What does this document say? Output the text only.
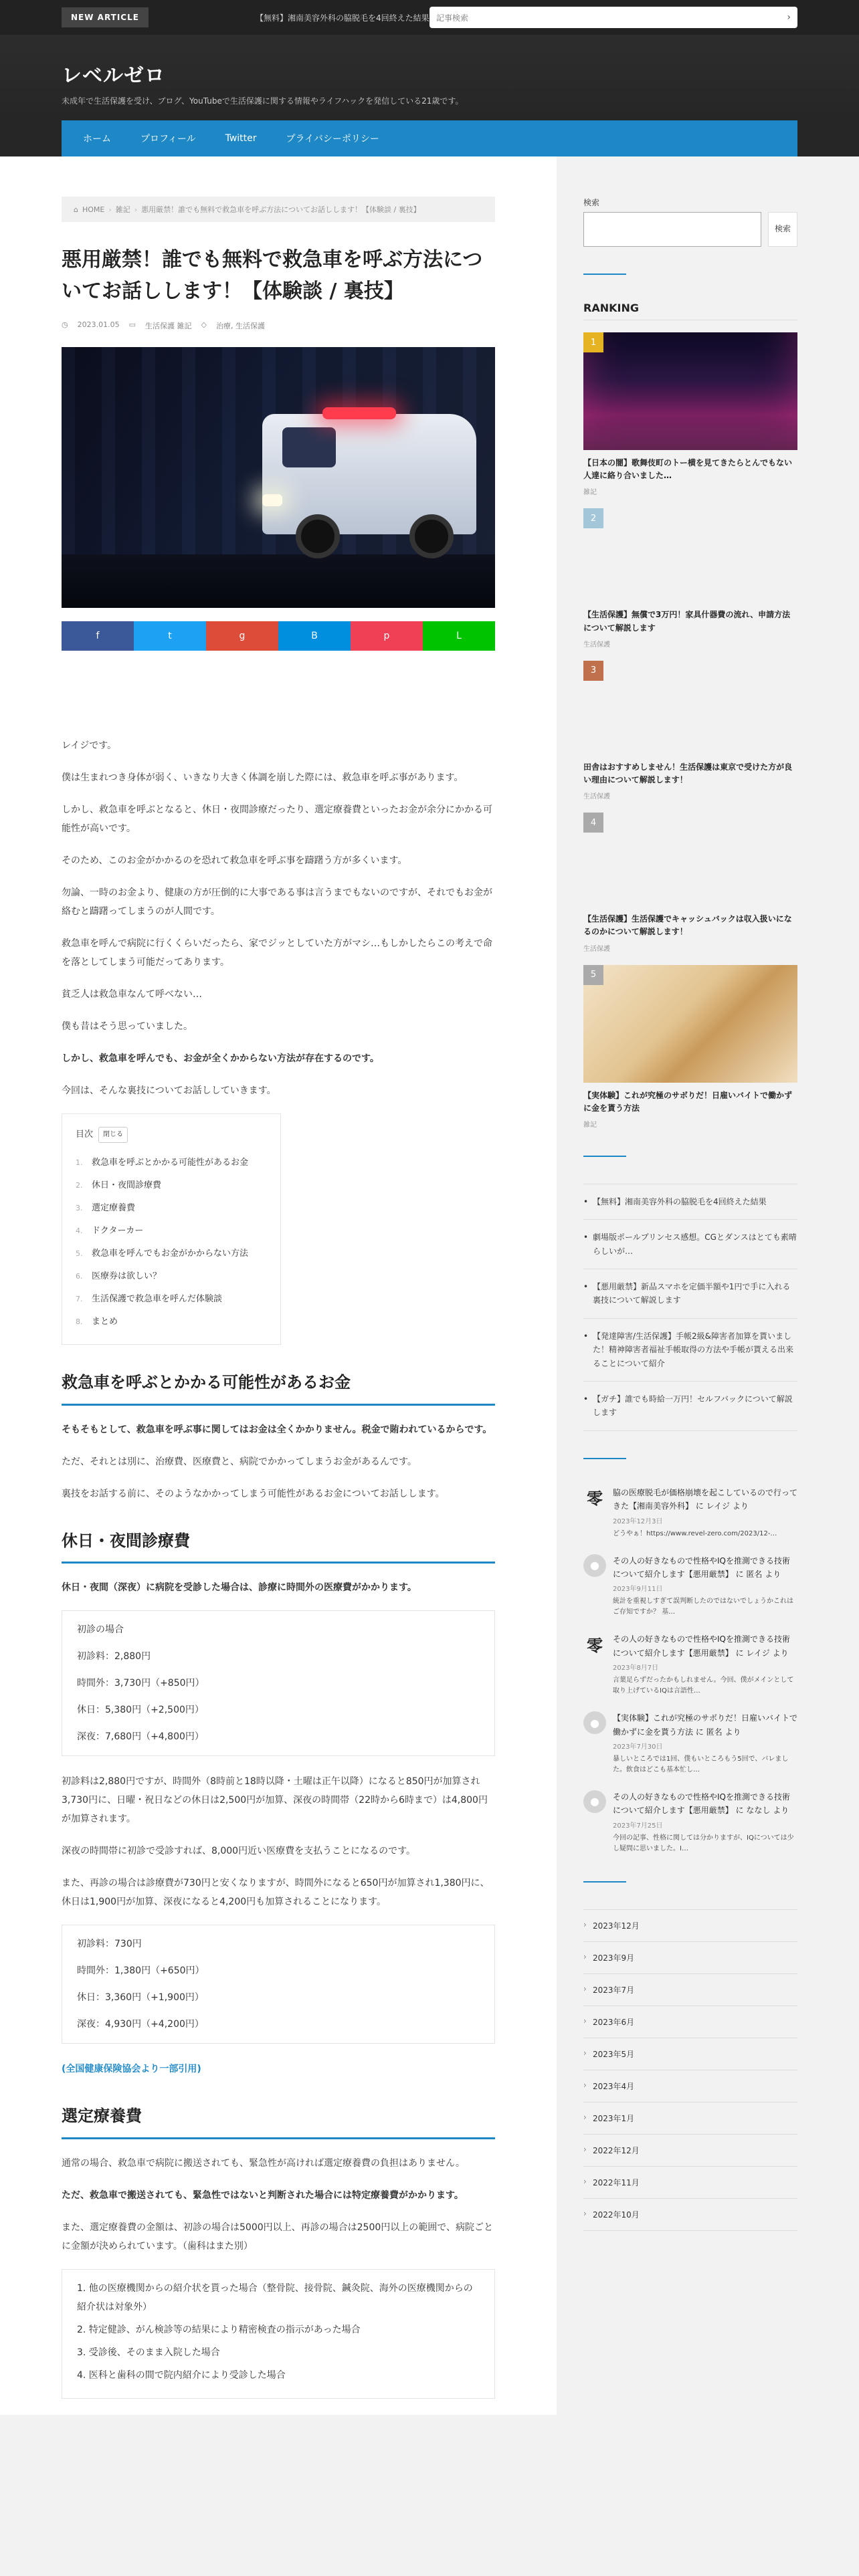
NEW ARTICLE	【無料】湘南美容外科の脇脱毛を4回終えた結果 記事検索	›
レベルゼロ
未成年で生活保護を受け、ブログ、YouTubeで生活保護に関する情報やライフハックを発信している21歳です。
ホーム	プロフィール	Twitter	プライバシーポリシー
⌂ HOME › 雑記 › 悪用厳禁！誰でも無料で救急車を呼ぶ方法についてお話しします！【体験談 / 裏技】
悪用厳禁！誰でも無料で救急車を呼ぶ方法についてお話しします！【体験談 / 裏技】
◷ 2023.01.05 ▭ 生活保護 雑記 ◇ 治療, 生活保護
f	t	g	B	p	L

レイジです。

僕は生まれつき身体が弱く、いきなり大きく体調を崩した際には、救急車を呼ぶ事があります。

しかし、救急車を呼ぶとなると、休日・夜間診療だったり、選定療養費といったお金が余分にかかる可能性が高いです。

そのため、このお金がかかるのを恐れて救急車を呼ぶ事を躊躇う方が多くいます。

勿論、一時のお金より、健康の方が圧倒的に大事である事は言うまでもないのですが、それでもお金が絡むと躊躇ってしまうのが人間です。

救急車を呼んで病院に行くくらいだったら、家でジッとしていた方がマシ…もしかしたらこの考えで命を落としてしまう可能だってあります。

貧乏人は救急車なんて呼べない…

僕も昔はそう思っていました。

しかし、救急車を呼んでも、お金が全くかからない方法が存在するのです。

今回は、そんな裏技についてお話ししていきます。

目次	閉じる
1. 救急車を呼ぶとかかる可能性があるお金
2. 休日・夜間診療費
3. 選定療養費
4. ドクターカー
5. 救急車を呼んでもお金がかからない方法
6. 医療券は欲しい？
7. 生活保護で救急車を呼んだ体験談
8. まとめ
救急車を呼ぶとかかる可能性があるお金

そもそもとして、救急車を呼ぶ事に関してはお金は全くかかりません。税金で賄われているからです。

ただ、それとは別に、治療費、医療費と、病院でかかってしまうお金があるんです。

裏技をお話する前に、そのようなかかってしまう可能性があるお金についてお話しします。

休日・夜間診療費

休日・夜間（深夜）に病院を受診した場合は、診療に時間外の医療費がかかります。

初診の場合

初診料：2,880円

時間外：3,730円（+850円）

休日：5,380円（+2,500円）

深夜：7,680円（+4,800円）

初診料は2,880円ですが、時間外（8時前と18時以降・土曜は正午以降）になると850円が加算され3,730円に、日曜・祝日などの休日は2,500円が加算、深夜の時間帯（22時から6時まで）は4,800円が加算されます。

深夜の時間帯に初診で受診すれば、8,000円近い医療費を支払うことになるのです。

また、再診の場合は診療費が730円と安くなりますが、時間外になると650円が加算され1,380円に、休日は1,900円が加算、深夜になると4,200円も加算されることになります。

初診料：730円

時間外：1,380円（+650円）

休日：3,360円（+1,900円）

深夜：4,930円（+4,200円）

(全国健康保険協会より一部引用)

選定療養費

通常の場合、救急車で病院に搬送されても、緊急性が高ければ選定療養費の負担はありません。

ただ、救急車で搬送されても、緊急性ではないと判断された場合には特定療養費がかかります。

また、選定療養費の金額は、初診の場合は5000円以上、再診の場合は2500円以上の範囲で、病院ごとに金額が決められています。（歯科はまた別）

1. 他の医療機関からの紹介状を貰った場合（整骨院、接骨院、鍼灸院、海外の医療機関からの紹介状は対象外）

2. 特定健診、がん検診等の結果により精密検査の指示があった場合

3. 受診後、そのまま入院した場合

4. 医科と歯科の間で院内紹介により受診した場合

検索
検索
RANKING
1
【日本の闇】歌舞伎町のトー横を見てきたらとんでもない人達に絡り合いました…
雑記
2
【生活保護】無償で3万円！家具什器費の流れ、申請方法について解説します
生活保護
3
田舎はおすすめしません！生活保護は東京で受けた方が良い理由について解説します！
生活保護
4
【生活保護】生活保護でキャッシュバックは収入扱いになるのかについて解説します！
生活保護
5
【実体験】これが究極のサボりだ！日雇いバイトで働かずに金を貰う方法
雑記
• 【無料】湘南美容外科の脇脱毛を4回終えた結果
• 劇場版ポールプリンセス感想。CGとダンスはとても素晴らしいが…
• 【悪用厳禁】新品スマホを定価半額や1円で手に入れる裏技について解説します
• 【発達障害/生活保護】手帳2級&障害者加算を貰いました！精神障害者福祉手帳取得の方法や手帳が貰える出来ることについて紹介
• 【ガチ】誰でも時給一万円！セルフバックについて解説します
零	脇の医療脱毛が価格崩壊を起こしているので行ってきた【湘南美容外科】 に レイジ より
2023年12月3日
どうやぁ！https://www.revel-zero.com/2023/12-…
●	その人の好きなもので性格やIQを推測できる技術について紹介します【悪用厳禁】 に 匿名 より
2023年9月11日
統計を重視しすぎて誤判断したのではないでしょうかこれはご存知ですか？ 基…
零	その人の好きなもので性格やIQを推測できる技術について紹介します【悪用厳禁】 に レイジ より
2023年8月7日
言葉足らずだったかもしれません。今回、僕がメインとして取り上げているIQは言語性…
●	【実体験】これが究極のサボりだ！日雇いバイトで働かずに金を貰う方法 に 匿名 より
2023年7月30日
暴しいところでは1回、僕もいところもう5回で、バレました。飲食はどこも基本忙し…
●	その人の好きなもので性格やIQを推測できる技術について紹介します【悪用厳禁】 に ななし より
2023年7月25日
今回の記事、性格に関しては分かりますが、IQについては少し疑問に思いました。I…
› 2023年12月
› 2023年9月
› 2023年7月
› 2023年6月
› 2023年5月
› 2023年4月
› 2023年1月
› 2022年12月
› 2022年11月
› 2022年10月
